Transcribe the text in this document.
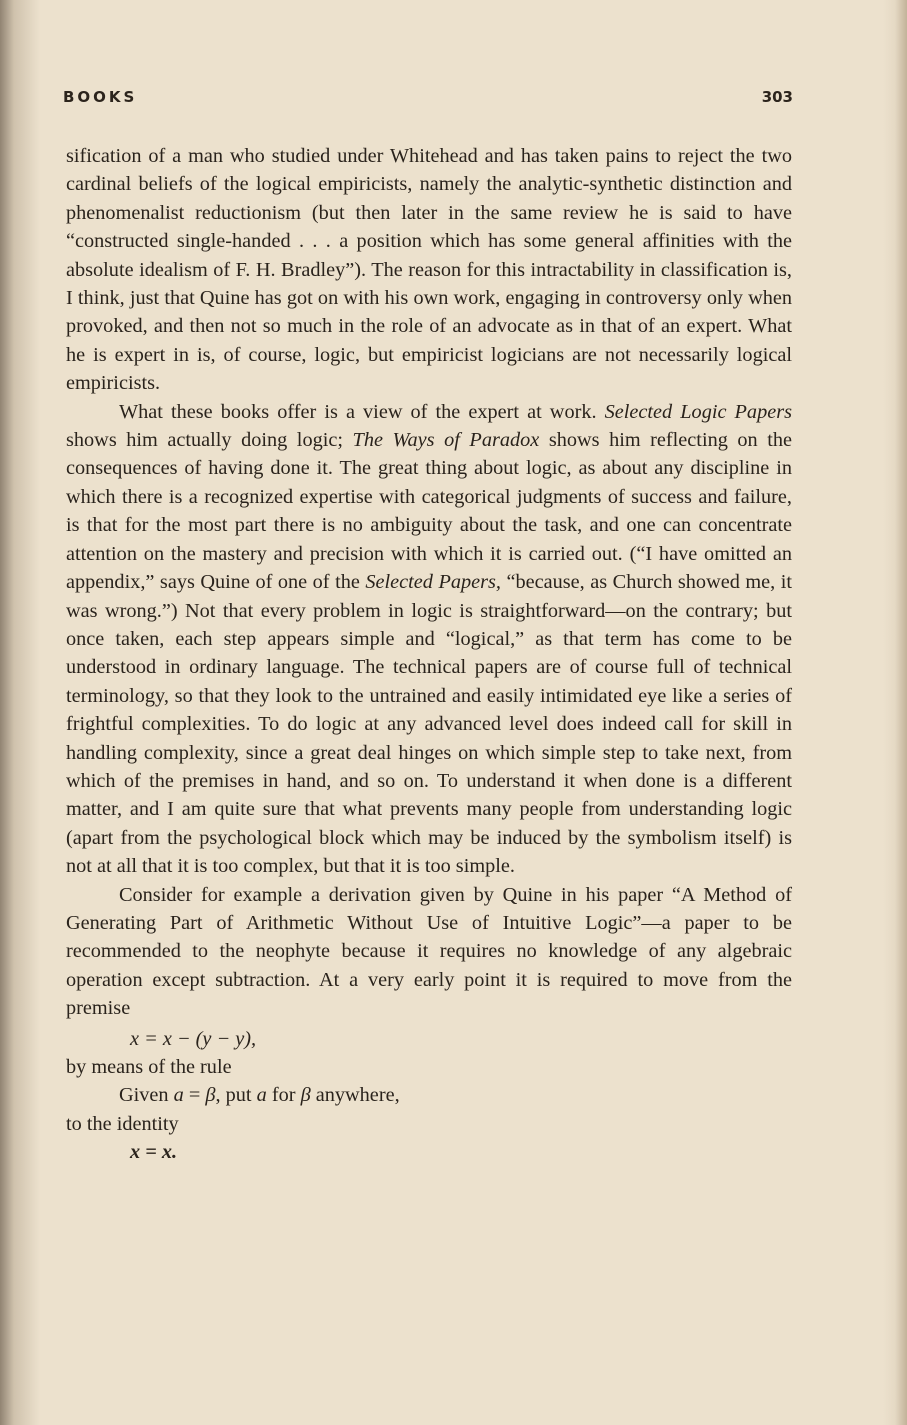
BOOKS	303

sification of a man who studied under Whitehead and has taken pains to reject the two cardinal beliefs of the logical empiricists, namely the analytic-synthetic distinction and phenomenalist reductionism (but then later in the same review he is said to have “constructed single-handed . . . a position which has some general affinities with the absolute idealism of F. H. Bradley”). The reason for this intractability in classification is, I think, just that Quine has got on with his own work, engaging in controversy only when provoked, and then not so much in the role of an advocate as in that of an expert. What he is expert in is, of course, logic, but empiricist logicians are not necessarily logical empiricists.

What these books offer is a view of the expert at work. Selected Logic Papers shows him actually doing logic; The Ways of Paradox shows him reflecting on the consequences of having done it. The great thing about logic, as about any discipline in which there is a recognized expertise with categorical judgments of success and failure, is that for the most part there is no ambiguity about the task, and one can concentrate attention on the mastery and precision with which it is carried out. (“I have omitted an appendix,” says Quine of one of the Selected Papers, “because, as Church showed me, it was wrong.”) Not that every problem in logic is straightforward—on the contrary; but once taken, each step appears simple and “logical,” as that term has come to be understood in ordinary language. The technical papers are of course full of technical terminology, so that they look to the untrained and easily intimidated eye like a series of frightful complexities. To do logic at any advanced level does indeed call for skill in handling complexity, since a great deal hinges on which simple step to take next, from which of the premises in hand, and so on. To understand it when done is a different matter, and I am quite sure that what prevents many people from understanding logic (apart from the psychological block which may be induced by the symbolism itself) is not at all that it is too complex, but that it is too simple.

Consider for example a derivation given by Quine in his paper “A Method of Generating Part of Arithmetic Without Use of Intuitive Logic”—a paper to be recommended to the neophyte because it requires no knowledge of any algebraic operation except subtraction. At a very early point it is required to move from the premise

x = x − (y − y),

by means of the rule

Given a = β, put a for β anywhere,

to the identity

x = x.
